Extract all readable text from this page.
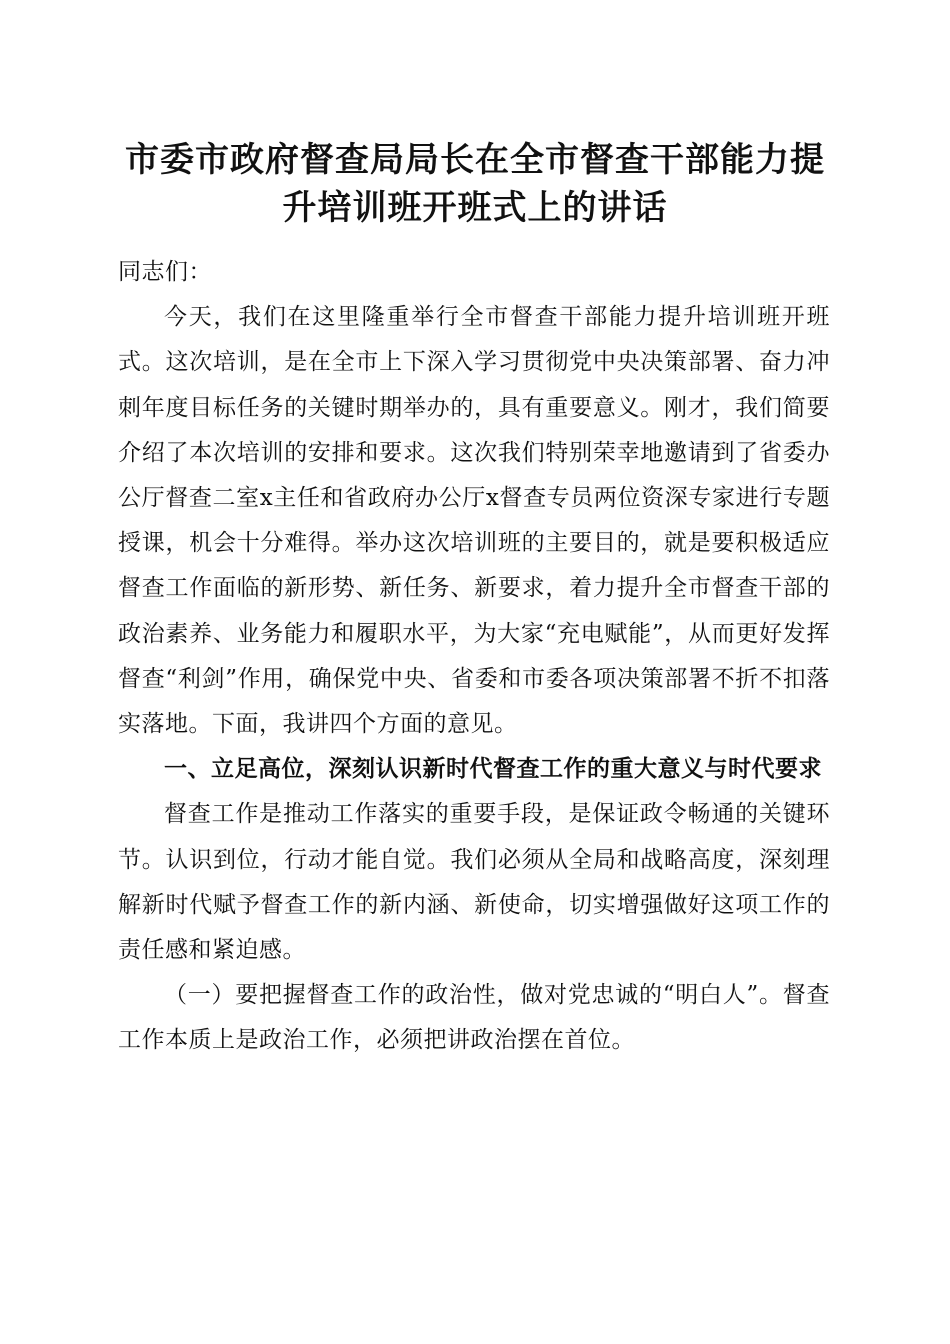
市委市政府督查局局长在全市督查干部能力提
升培训班开班式上的讲话

同志们：

今天，我们在这里隆重举行全市督查干部能力提升培训班开班式。这次培训，是在全市上下深入学习贯彻党中央决策部署、奋力冲刺年度目标任务的关键时期举办的，具有重要意义。刚才，我们简要介绍了本次培训的安排和要求。这次我们特别荣幸地邀请到了省委办公厅督查二室x主任和省政府办公厅x督查专员两位资深专家进行专题授课，机会十分难得。举办这次培训班的主要目的，就是要积极适应督查工作面临的新形势、新任务、新要求，着力提升全市督查干部的政治素养、业务能力和履职水平，为大家“充电赋能”，从而更好发挥督查“利剑”作用，确保党中央、省委和市委各项决策部署不折不扣落实落地。下面，我讲四个方面的意见。

一、立足高位，深刻认识新时代督查工作的重大意义与时代要求

督查工作是推动工作落实的重要手段，是保证政令畅通的关键环节。认识到位，行动才能自觉。我们必须从全局和战略高度，深刻理解新时代赋予督查工作的新内涵、新使命，切实增强做好这项工作的责任感和紧迫感。

（一）要把握督查工作的政治性，做对党忠诚的“明白人”。督查工作本质上是政治工作，必须把讲政治摆在首位。
